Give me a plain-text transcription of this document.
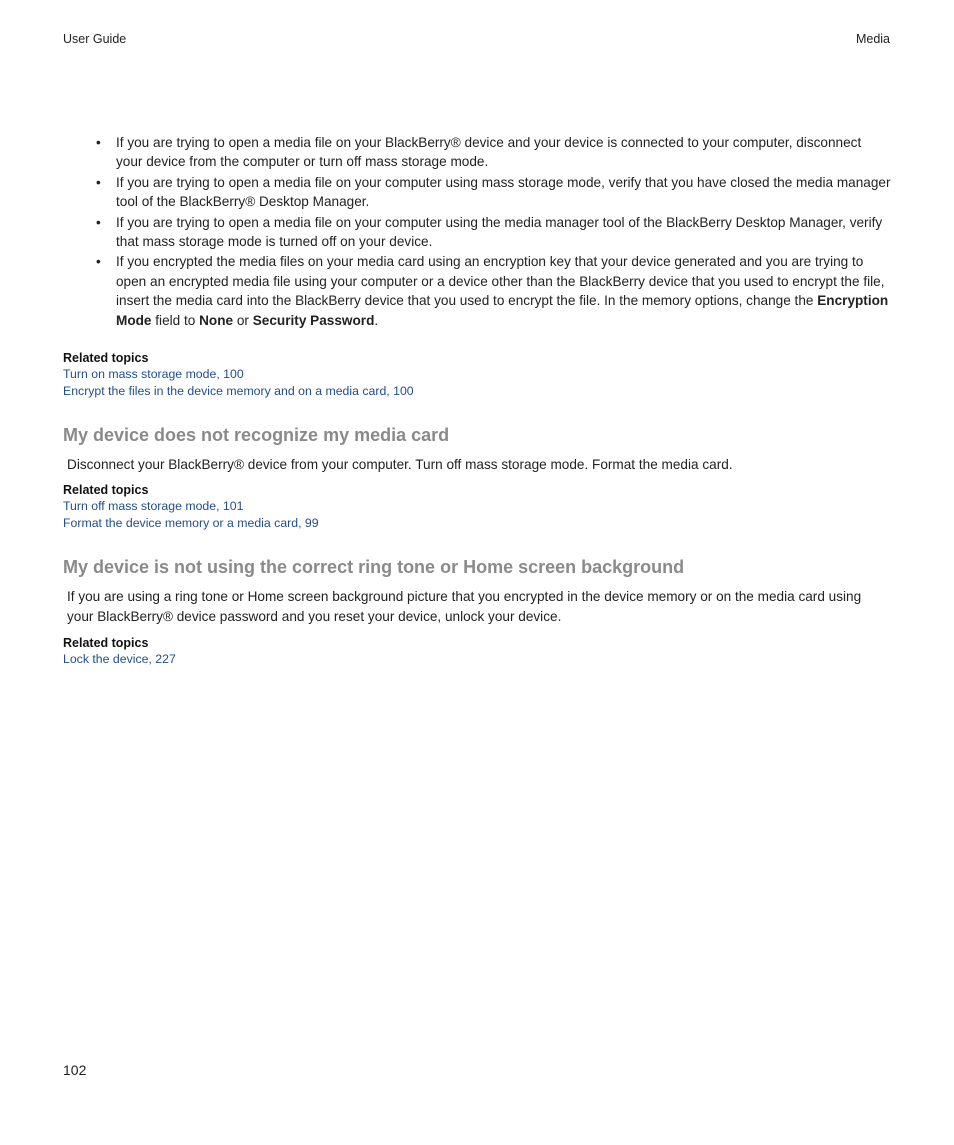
User Guide	Media
• If you are trying to open a media file on your BlackBerry® device and your device is connected to your computer, disconnect your device from the computer or turn off mass storage mode.
• If you are trying to open a media file on your computer using mass storage mode, verify that you have closed the media manager tool of the BlackBerry® Desktop Manager.
• If you are trying to open a media file on your computer using the media manager tool of the BlackBerry Desktop Manager, verify that mass storage mode is turned off on your device.
• If you encrypted the media files on your media card using an encryption key that your device generated and you are trying to open an encrypted media file using your computer or a device other than the BlackBerry device that you used to encrypt the file, insert the media card into the BlackBerry device that you used to encrypt the file. In the memory options, change the Encryption Mode field to None or Security Password.

Related topics

Turn on mass storage mode, 100
Encrypt the files in the device memory and on a media card, 100
My device does not recognize my media card

Disconnect your BlackBerry® device from your computer. Turn off mass storage mode. Format the media card.

Related topics

Turn off mass storage mode, 101
Format the device memory or a media card, 99
My device is not using the correct ring tone or Home screen background

If you are using a ring tone or Home screen background picture that you encrypted in the device memory or on the media card using your BlackBerry® device password and you reset your device, unlock your device.

Related topics

Lock the device, 227
102
